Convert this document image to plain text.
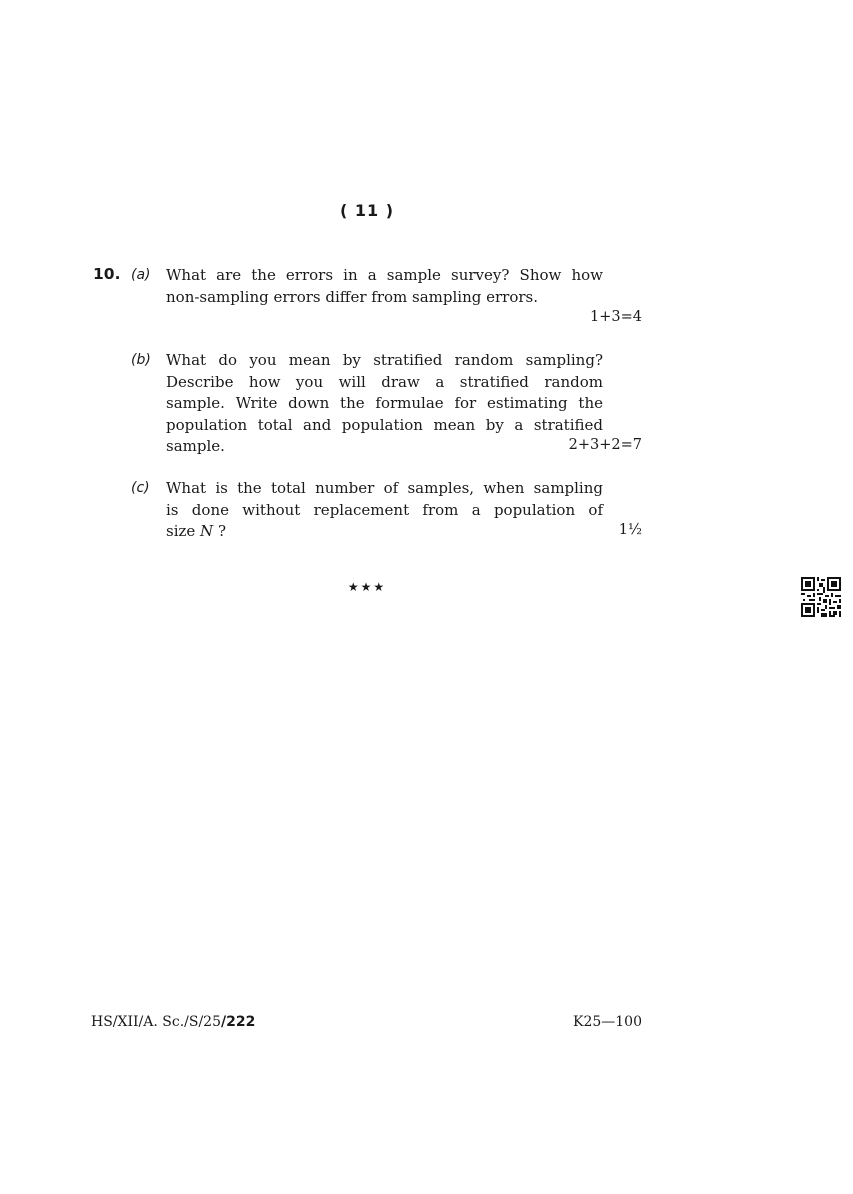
( 11 )
10. (a) What are the errors in a sample survey? Show how
non-sampling errors differ from sampling errors.
1+3=4
(b) What do you mean by stratified random sampling?
Describe how you will draw a stratified random
sample. Write down the formulae for estimating the
population total and population mean by a stratified
sample.	2+3+2=7
(c) What is the total number of samples, when sampling
is done without replacement from a population of
size N ?	1½
★★★
HS/XII/A. Sc./S/25/222	K25—100
